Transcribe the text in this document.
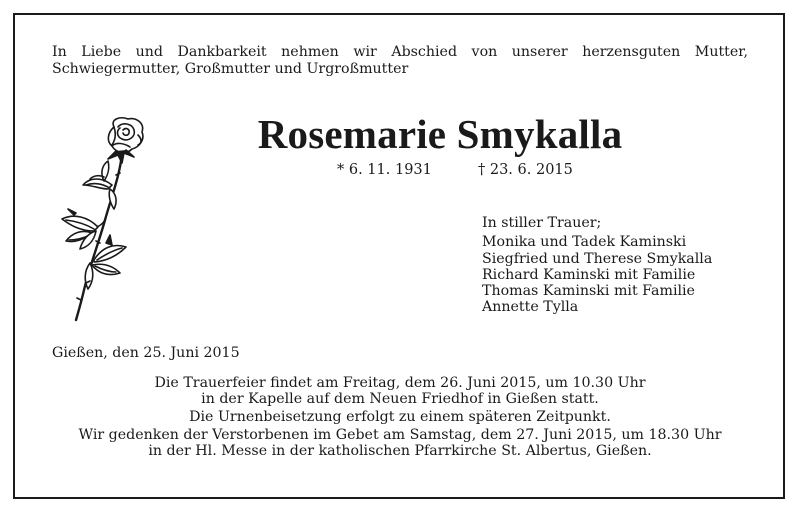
In Liebe und Dankbarkeit nehmen wir Abschied von unserer herzensguten Mutter,
Schwiegermutter, Großmutter und Urgroßmutter
Rosemarie Smykalla
* 6. 11. 1931	† 23. 6. 2015
In stiller Trauer;
Monika und Tadek Kaminski
Siegfried und Therese Smykalla
Richard Kaminski mit Familie
Thomas Kaminski mit Familie
Annette Tylla
Gießen, den 25. Juni 2015
Die Trauerfeier findet am Freitag, dem 26. Juni 2015, um 10.30 Uhr
in der Kapelle auf dem Neuen Friedhof in Gießen statt.
Die Urnenbeisetzung erfolgt zu einem späteren Zeitpunkt.
Wir gedenken der Verstorbenen im Gebet am Samstag, dem 27. Juni 2015, um 18.30 Uhr
in der Hl. Messe in der katholischen Pfarrkirche St. Albertus, Gießen.
